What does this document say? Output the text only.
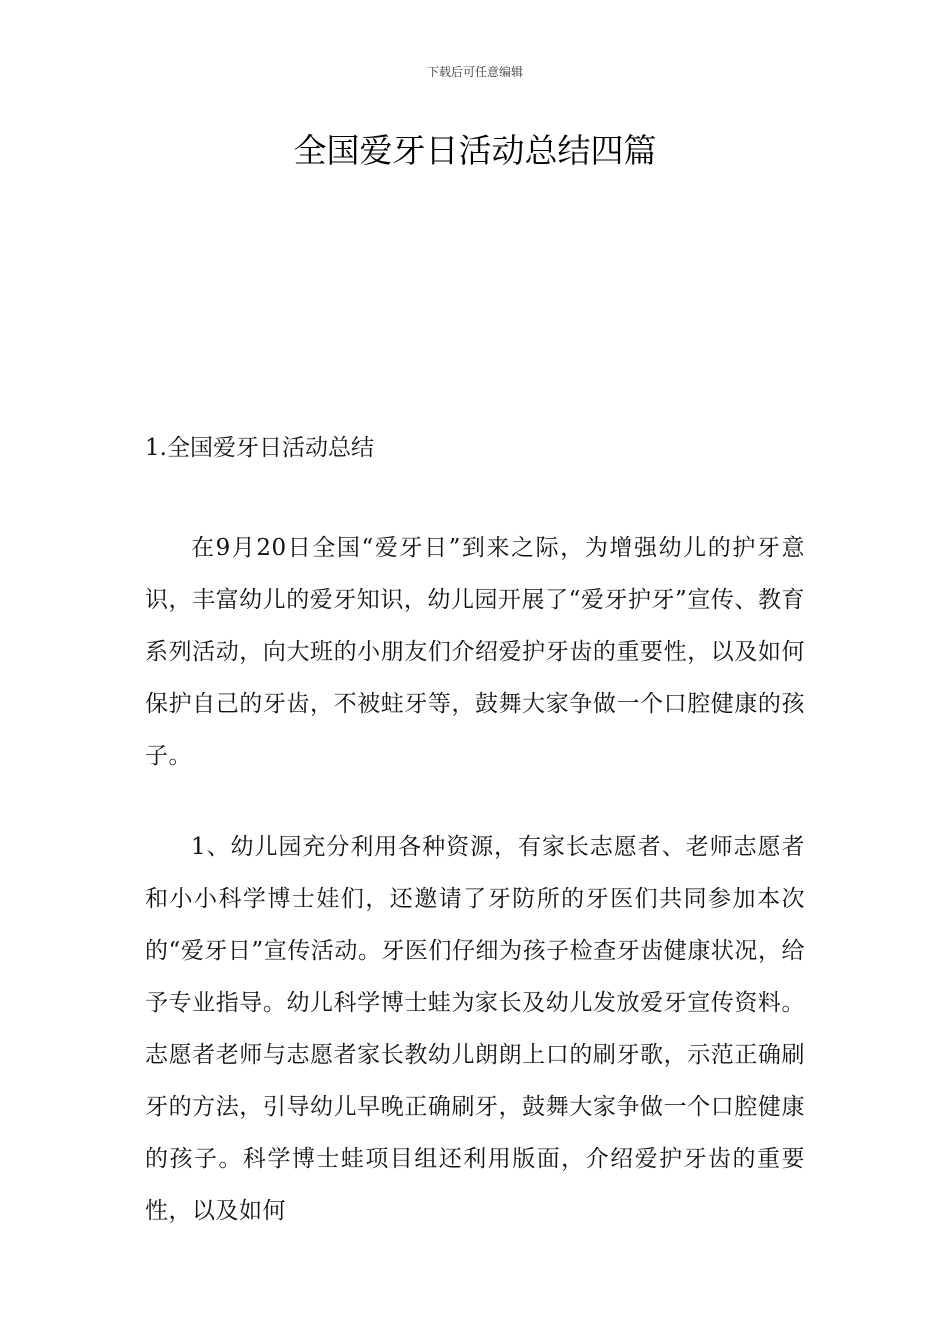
下载后可任意编辑
全国爱牙日活动总结四篇
1.全国爱牙日活动总结

在9月20日全国“爱牙日”到来之际，为增强幼儿的护牙意识，丰富幼儿的爱牙知识，幼儿园开展了“爱牙护牙”宣传、教育系列活动，向大班的小朋友们介绍爱护牙齿的重要性，以及如何保护自己的牙齿，不被蛀牙等，鼓舞大家争做一个口腔健康的孩子。

1、幼儿园充分利用各种资源，有家长志愿者、老师志愿者和小小科学博士娃们，还邀请了牙防所的牙医们共同参加本次的“爱牙日”宣传活动。牙医们仔细为孩子检查牙齿健康状况，给予专业指导。幼儿科学博士蛙为家长及幼儿发放爱牙宣传资料。志愿者老师与志愿者家长教幼儿朗朗上口的刷牙歌，示范正确刷牙的方法，引导幼儿早晚正确刷牙，鼓舞大家争做一个口腔健康的孩子。科学博士蛙项目组还利用版面，介绍爱护牙齿的重要性，以及如何
